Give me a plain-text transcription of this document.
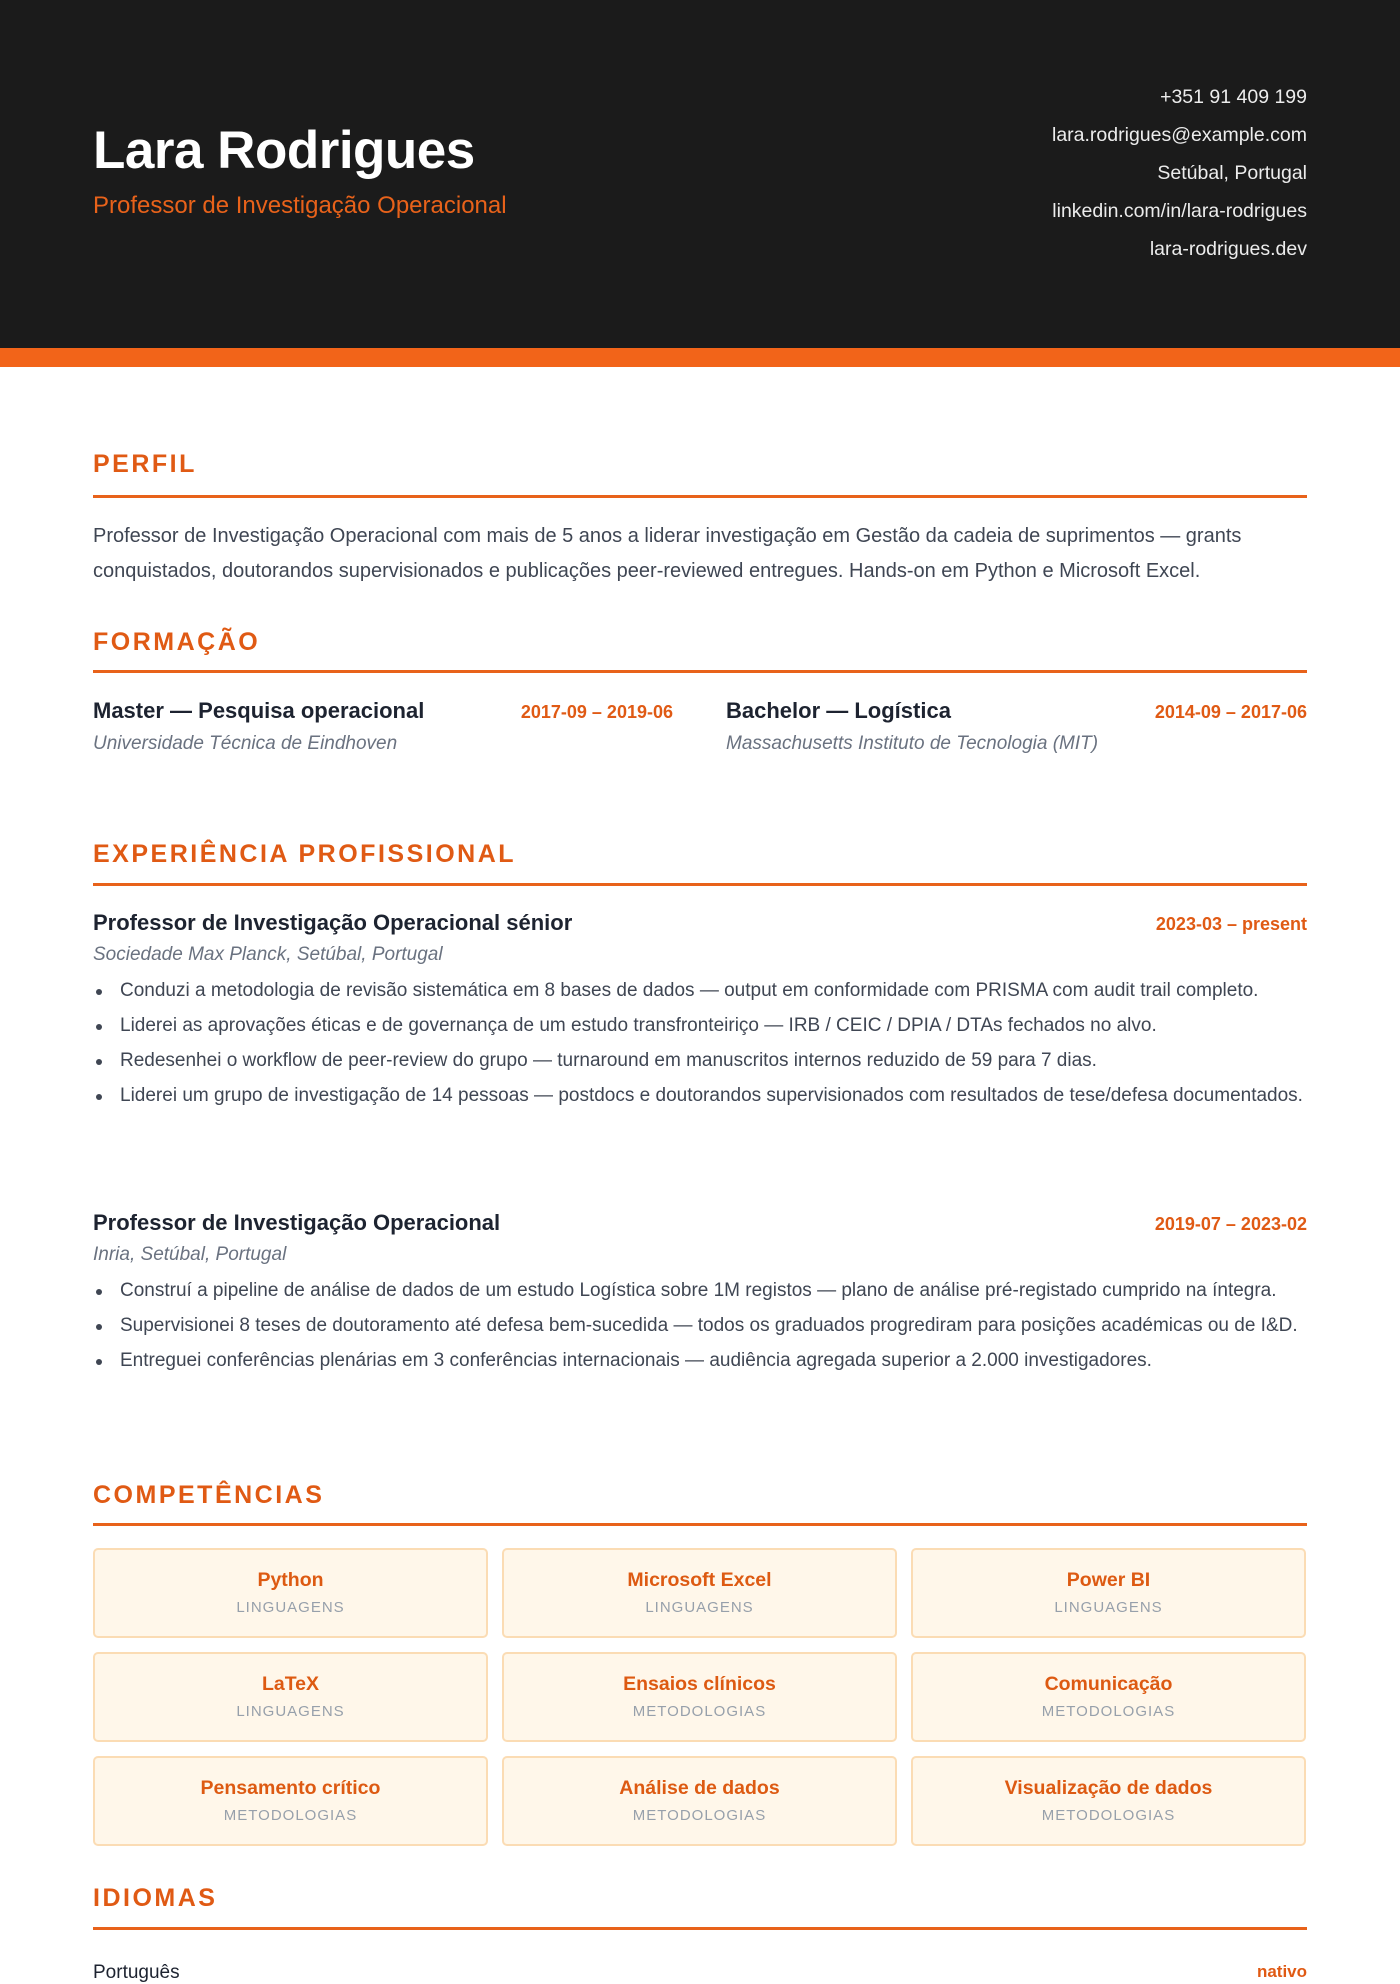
Lara Rodrigues
Professor de Investigação Operacional
+351 91 409 199
lara.rodrigues@example.com
Setúbal, Portugal
linkedin.com/in/lara-rodrigues
lara-rodrigues.dev
PERFIL
Professor de Investigação Operacional com mais de 5 anos a liderar investigação em Gestão da cadeia de suprimentos — grants conquistados, doutorandos supervisionados e publicações peer-reviewed entregues. Hands-on em Python e Microsoft Excel.
FORMAÇÃO
Master — Pesquisa operacional	2017-09 – 2019-06
Universidade Técnica de Eindhoven
Bachelor — Logística	2014-09 – 2017-06
Massachusetts Instituto de Tecnologia (MIT)
EXPERIÊNCIA PROFISSIONAL
Professor de Investigação Operacional sénior	2023-03 – present
Sociedade Max Planck, Setúbal, Portugal
Conduzi a metodologia de revisão sistemática em 8 bases de dados — output em conformidade com PRISMA com audit trail completo.
Liderei as aprovações éticas e de governança de um estudo transfronteiriço — IRB / CEIC / DPIA / DTAs fechados no alvo.
Redesenhei o workflow de peer-review do grupo — turnaround em manuscritos internos reduzido de 59 para 7 dias.
Liderei um grupo de investigação de 14 pessoas — postdocs e doutorandos supervisionados com resultados de tese/defesa documentados.
Professor de Investigação Operacional	2019-07 – 2023-02
Inria, Setúbal, Portugal
Construí a pipeline de análise de dados de um estudo Logística sobre 1M registos — plano de análise pré-registado cumprido na íntegra.
Supervisionei 8 teses de doutoramento até defesa bem-sucedida — todos os graduados progrediram para posições académicas ou de I&D.
Entreguei conferências plenárias em 3 conferências internacionais — audiência agregada superior a 2.000 investigadores.
COMPETÊNCIAS
Python
LINGUAGENS
Microsoft Excel
LINGUAGENS
Power BI
LINGUAGENS
LaTeX
LINGUAGENS
Ensaios clínicos
METODOLOGIAS
Comunicação
METODOLOGIAS
Pensamento crítico
METODOLOGIAS
Análise de dados
METODOLOGIAS
Visualização de dados
METODOLOGIAS
IDIOMAS
Português	nativo
